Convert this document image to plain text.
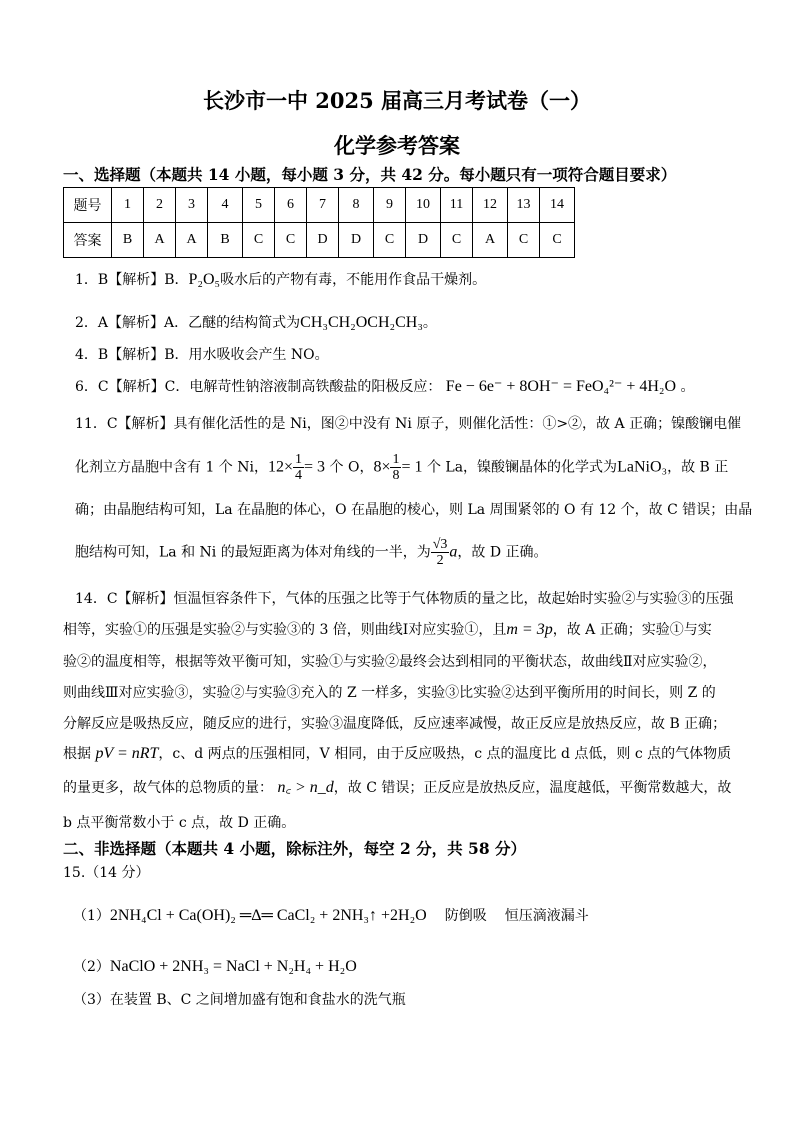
长沙市一中 2025 届高三月考试卷（一）
化学参考答案
一、选择题（本题共 14 小题，每小题 3 分，共 42 分。每小题只有一项符合题目要求）
题号	1	2	3	4	5	6	7	8	9	10	11	12	13	14
答案	B	A	A	B	C	C	D	D	C	D	C	A	C	C
1．B【解析】B．P₂O₅吸水后的产物有毒，不能用作食品干燥剂。
2．A【解析】A．乙醚的结构简式为CH₃CH₂OCH₂CH₃。
4．B【解析】B．用水吸收会产生 NO。
6．C【解析】C．电解苛性钠溶液制高铁酸盐的阳极反应： Fe − 6e⁻ + 8OH⁻ = FeO₄²⁻ + 4H₂O 。
11．C【解析】具有催化活性的是 Ni，图②中没有 Ni 原子，则催化活性：①>②，故 A 正确；镍酸镧电催
化剂立方晶胞中含有 1 个 Ni，$12\times \frac{1}{4} = 3$ 个 O，$8\times \frac{1}{8} = 1$ 个 La，镍酸镧晶体的化学式为LaNiO₃，故 B 正
确；由晶胞结构可知，La 在晶胞的体心，O 在晶胞的棱心，则 La 周围紧邻的 O 有 12 个，故 C 错误；由晶
胞结构可知，La 和 Ni 的最短距离为体对角线的一半，为 $\frac{√3}{2}$ a，故 D 正确。
14．C【解析】恒温恒容条件下，气体的压强之比等于气体物质的量之比，故起始时实验②与实验③的压强
相等，实验①的压强是实验②与实验③的 3 倍，则曲线Ⅰ对应实验①，且m = 3p，故 A 正确；实验①与实
验②的温度相等，根据等效平衡可知，实验①与实验②最终会达到相同的平衡状态，故曲线Ⅱ对应实验②，
则曲线Ⅲ对应实验③，实验②与实验③充入的 Z 一样多，实验③比实验②达到平衡所用的时间长，则 Z 的
分解反应是吸热反应，随反应的进行，实验③温度降低，反应速率减慢，故正反应是放热反应，故 B 正确；
根据 pV = nRT，c、d 两点的压强相同，V 相同，由于反应吸热，c 点的温度比 d 点低，则 c 点的气体物质
的量更多，故气体的总物质的量： n꜀ > n_d，故 C 错误；正反应是放热反应，温度越低，平衡常数越大，故
b 点平衡常数小于 c 点，故 D 正确。
二、非选择题（本题共 4 小题，除标注外，每空 2 分，共 58 分）
15.（14 分）
（1）2NH₄Cl + Ca(OH)₂ ═Δ═ CaCl₂ + 2NH₃↑ +2H₂O 防倒吸 恒压滴液漏斗
（2）NaClO + 2NH₃ = NaCl + N₂H₄ + H₂O
（3）在装置 B、C 之间增加盛有饱和食盐水的洗气瓶
